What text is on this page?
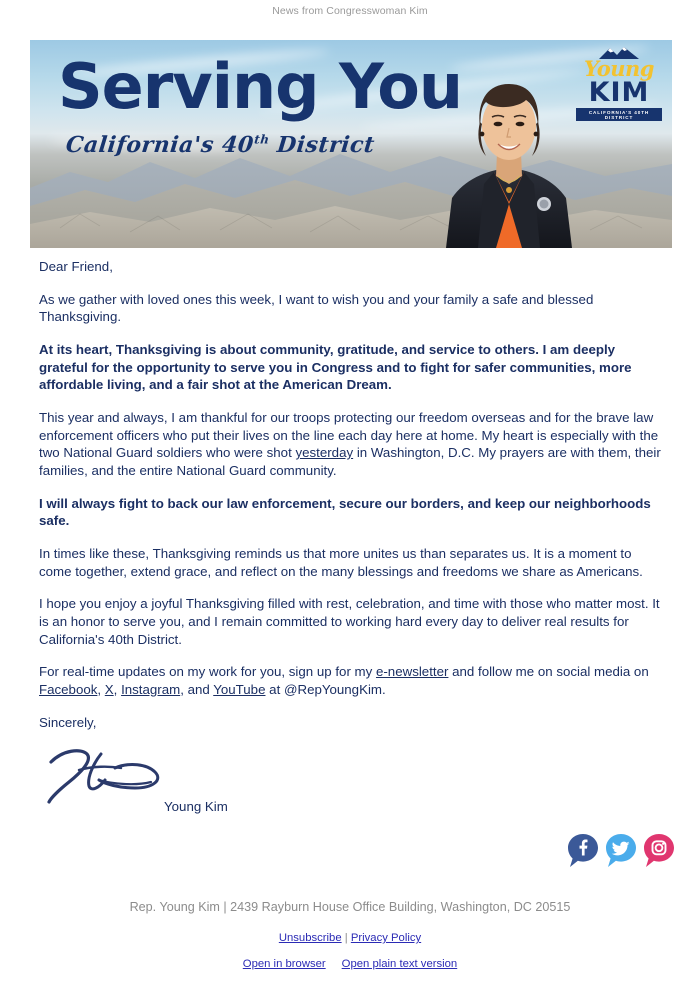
News from Congresswoman Kim
Serving You
California's 40th District
Young
KIM
CALIFORNIA'S 40TH DISTRICT

Dear Friend,

As we gather with loved ones this week, I want to wish you and your family a safe and blessed Thanksgiving.

At its heart, Thanksgiving is about community, gratitude, and service to others. I am deeply grateful for the opportunity to serve you in Congress and to fight for safer communities, more affordable living, and a fair shot at the American Dream.

This year and always, I am thankful for our troops protecting our freedom overseas and for the brave law enforcement officers who put their lives on the line each day here at home. My heart is especially with the two National Guard soldiers who were shot yesterday in Washington, D.C. My prayers are with them, their families, and the entire National Guard community.

I will always fight to back our law enforcement, secure our borders, and keep our neighborhoods safe.

In times like these, Thanksgiving reminds us that more unites us than separates us. It is a moment to come together, extend grace, and reflect on the many blessings and freedoms we share as Americans.

I hope you enjoy a joyful Thanksgiving filled with rest, celebration, and time with those who matter most. It is an honor to serve you, and I remain committed to working hard every day to deliver real results for California's 40th District.

For real-time updates on my work for you, sign up for my e-newsletter and follow me on social media on Facebook, X, Instagram, and YouTube at @RepYoungKim.

Sincerely,

Young Kim
Rep. Young Kim | 2439 Rayburn House Office Building, Washington, DC 20515
Unsubscribe | Privacy Policy
Open in browser Open plain text version
